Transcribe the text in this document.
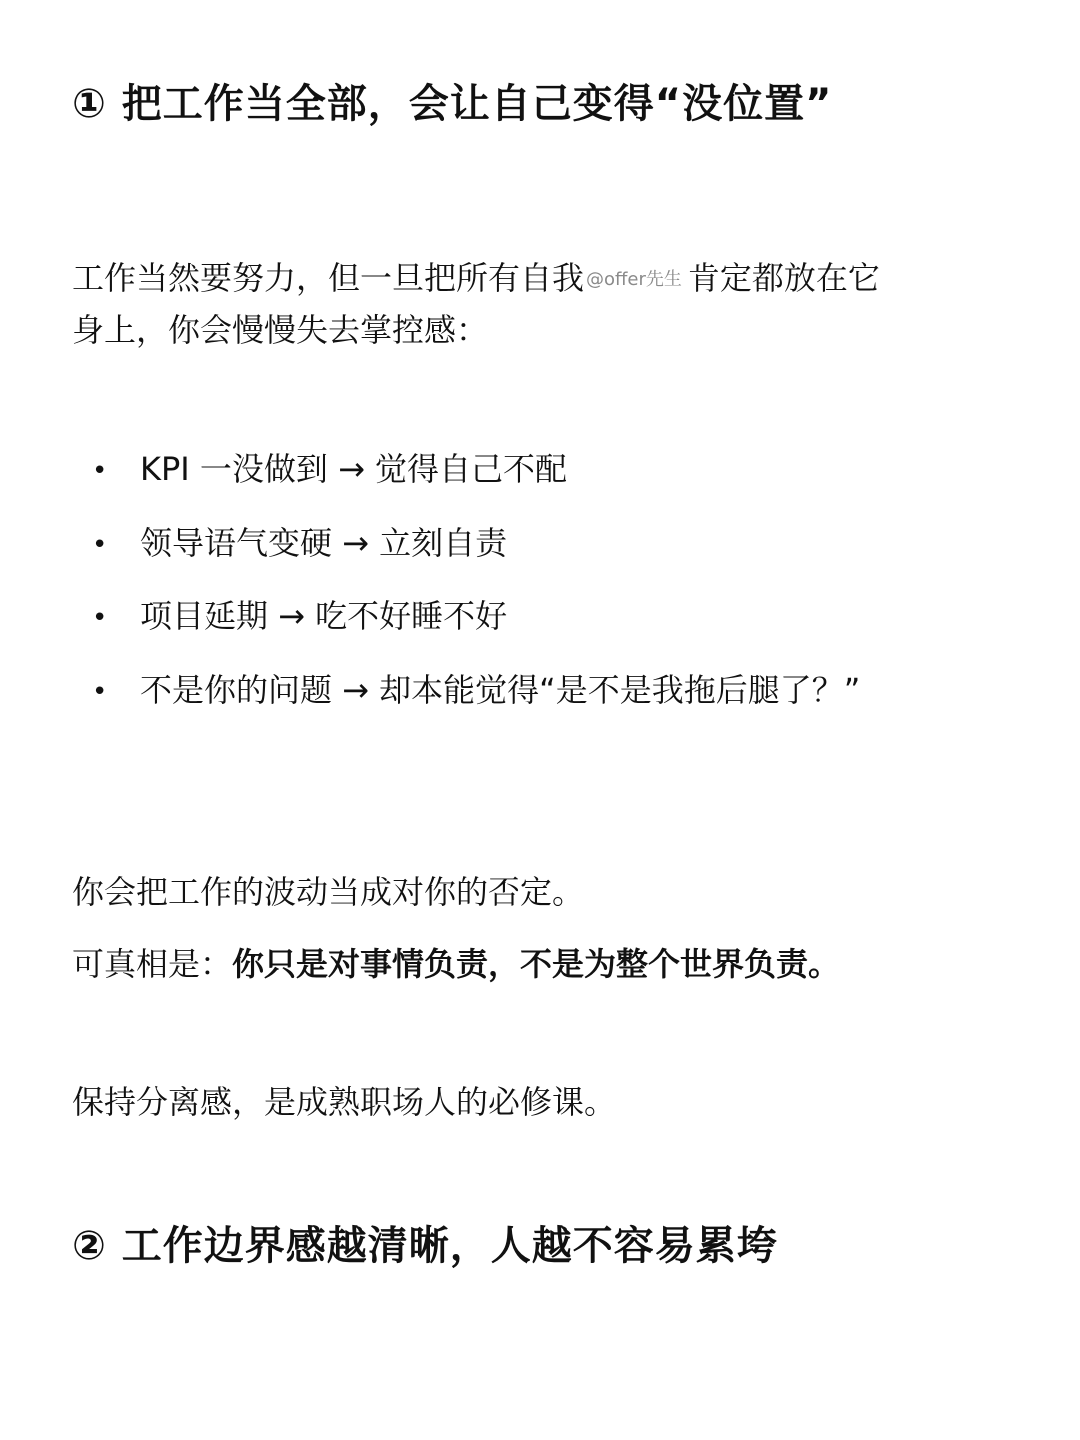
① 把工作当全部，会让自己变得“没位置”
工作当然要努力，但一旦把所有自我 @offer先生 肯定都放在它
身上，你会慢慢失去掌控感：
• KPI 一没做到 → 觉得自己不配
• 领导语气变硬 → 立刻自责
• 项目延期 → 吃不好睡不好
• 不是你的问题 → 却本能觉得“是不是我拖后腿了？”
你会把工作的波动当成对你的否定。
可真相是：你只是对事情负责，不是为整个世界负责。
保持分离感，是成熟职场人的必修课。
② 工作边界感越清晰，人越不容易累垮
